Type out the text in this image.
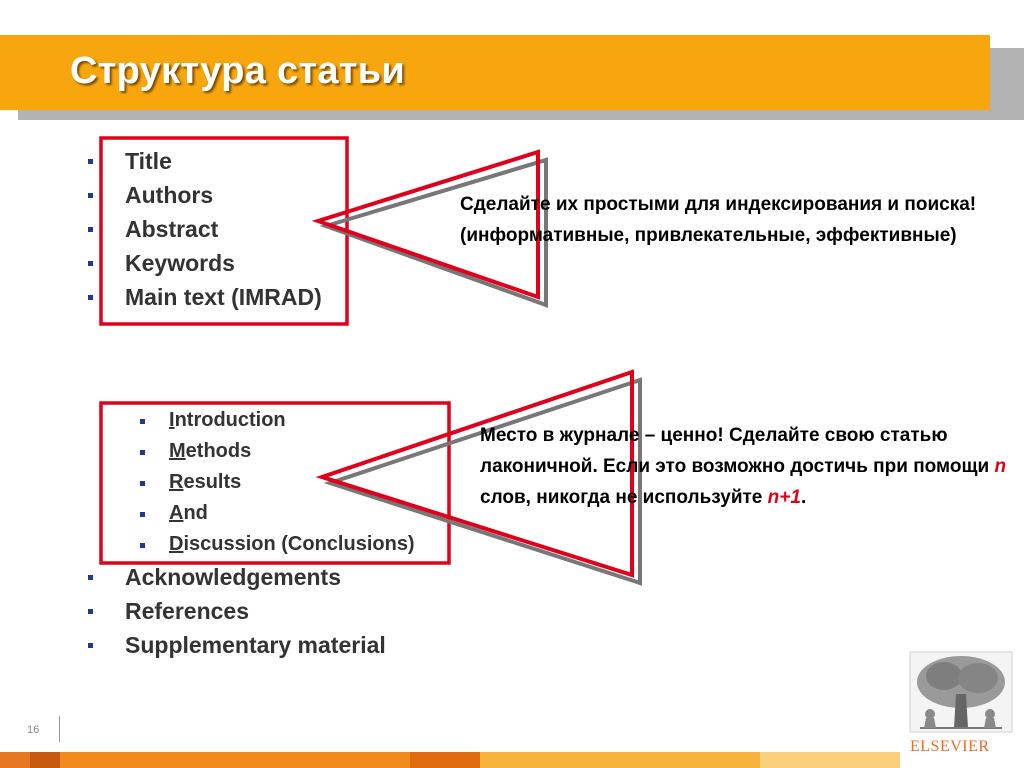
Структура статьи
Title
Authors
Abstract
Keywords
Main text (IMRAD)
Introduction
Methods
Results
And
Discussion (Conclusions)
Acknowledgements
References
Supplementary material
Сделайте их простыми для индексирования и поиска! (информативные, привлекательные, эффективные)
Место в журнале – ценно! Сделайте свою статью лаконичной. Если это возможно достичь при помощи n слов, никогда не используйте n+1.
16
ELSEVIER
